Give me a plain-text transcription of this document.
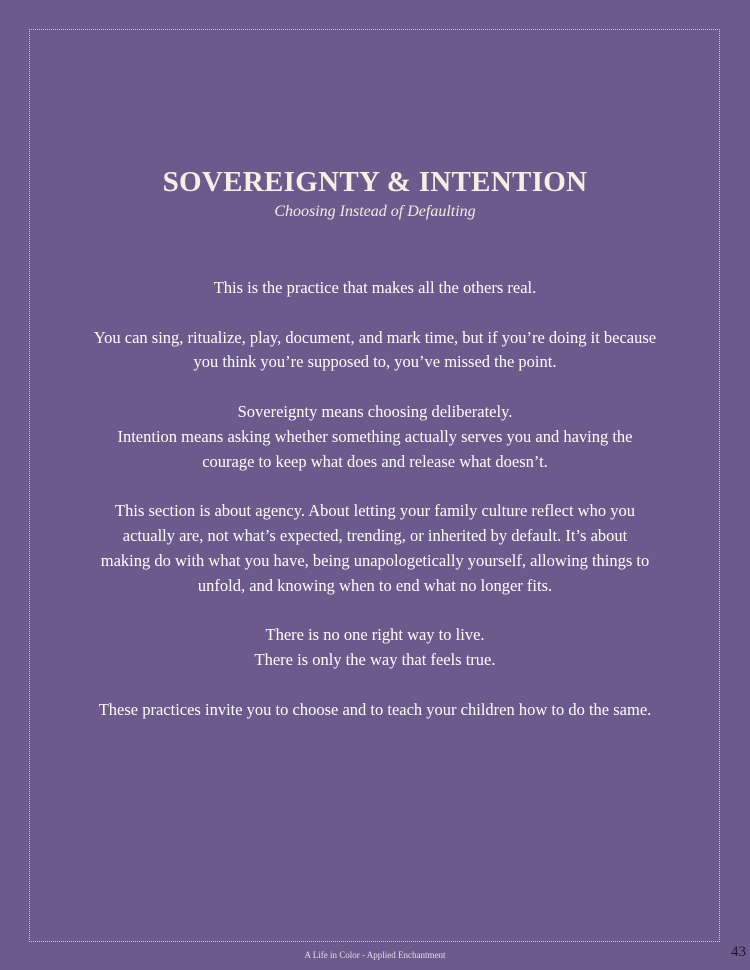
SOVEREIGNTY & INTENTION
Choosing Instead of Defaulting

This is the practice that makes all the others real.

You can sing, ritualize, play, document, and mark time, but if you’re doing it because
you think you’re supposed to, you’ve missed the point.

Sovereignty means choosing deliberately.
Intention means asking whether something actually serves you and having the
courage to keep what does and release what doesn’t.

This section is about agency. About letting your family culture reflect who you
actually are, not what’s expected, trending, or inherited by default. It’s about
making do with what you have, being unapologetically yourself, allowing things to
unfold, and knowing when to end what no longer fits.

There is no one right way to live.
There is only the way that feels true.

These practices invite you to choose and to teach your children how to do the same.

A Life in Color - Applied Enchantment	43
